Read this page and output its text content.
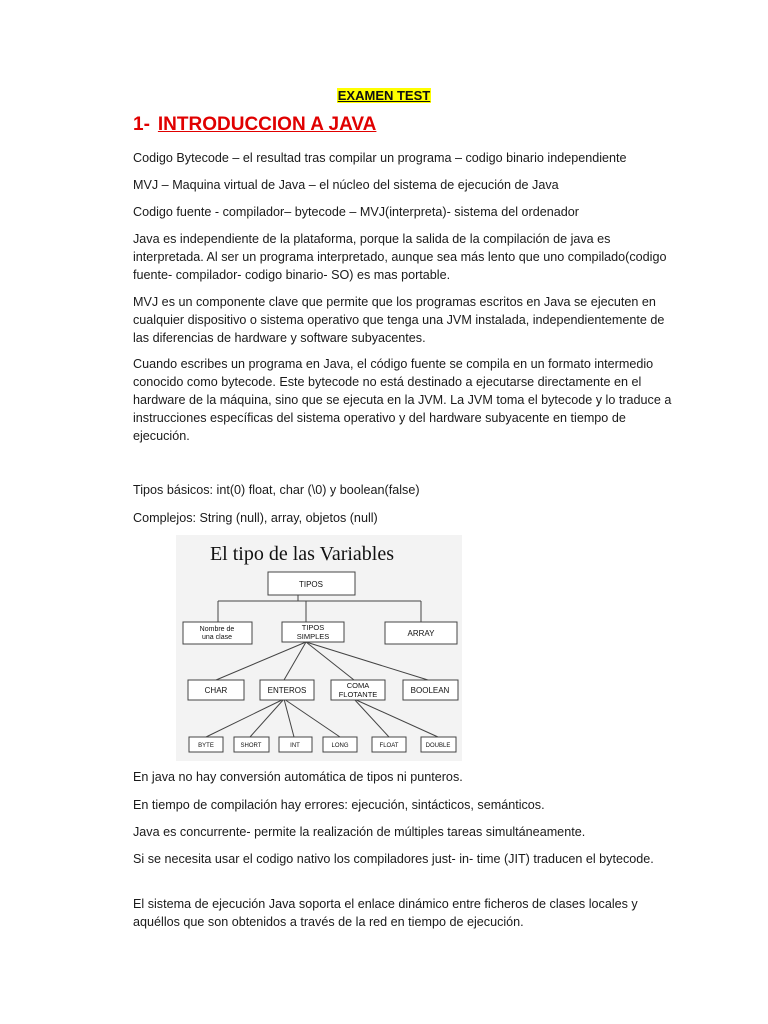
EXAMEN TEST
1- INTRODUCCION A JAVA

Codigo Bytecode – el resultad tras compilar un programa – codigo binario independiente

MVJ – Maquina virtual de Java – el núcleo del sistema de ejecución de Java

Codigo fuente - compilador– bytecode – MVJ(interpreta)- sistema del ordenador

Java es independiente de la plataforma, porque la salida de la compilación de java es interpretada. Al ser un programa interpretado, aunque sea más lento que uno compilado(codigo fuente- compilador- codigo binario- SO) es mas portable.

MVJ es un componente clave que permite que los programas escritos en Java se ejecuten en cualquier dispositivo o sistema operativo que tenga una JVM instalada, independientemente de las diferencias de hardware y software subyacentes.

Cuando escribes un programa en Java, el código fuente se compila en un formato intermedio conocido como bytecode. Este bytecode no está destinado a ejecutarse directamente en el hardware de la máquina, sino que se ejecuta en la JVM. La JVM toma el bytecode y lo traduce a instrucciones específicas del sistema operativo y del hardware subyacente en tiempo de ejecución.

Tipos básicos: int(0) float, char (\0) y boolean(false)

Complejos: String (null), array, objetos (null)

El tipo de las Variables
TIPOS
Nombre de
una clase
TIPOS
SIMPLES	ARRAY
CHAR	ENTEROS
COMA
FLOTANTE	BOOLEAN
BYTE	SHORT	INT	LONG	FLOAT	DOUBLE

En java no hay conversión automática de tipos ni punteros.

En tiempo de compilación hay errores: ejecución, sintácticos, semánticos.

Java es concurrente- permite la realización de múltiples tareas simultáneamente.

Si se necesita usar el codigo nativo los compiladores just- in- time (JIT) traducen el bytecode.

El sistema de ejecución Java soporta el enlace dinámico entre ficheros de clases locales y aquéllos que son obtenidos a través de la red en tiempo de ejecución.
